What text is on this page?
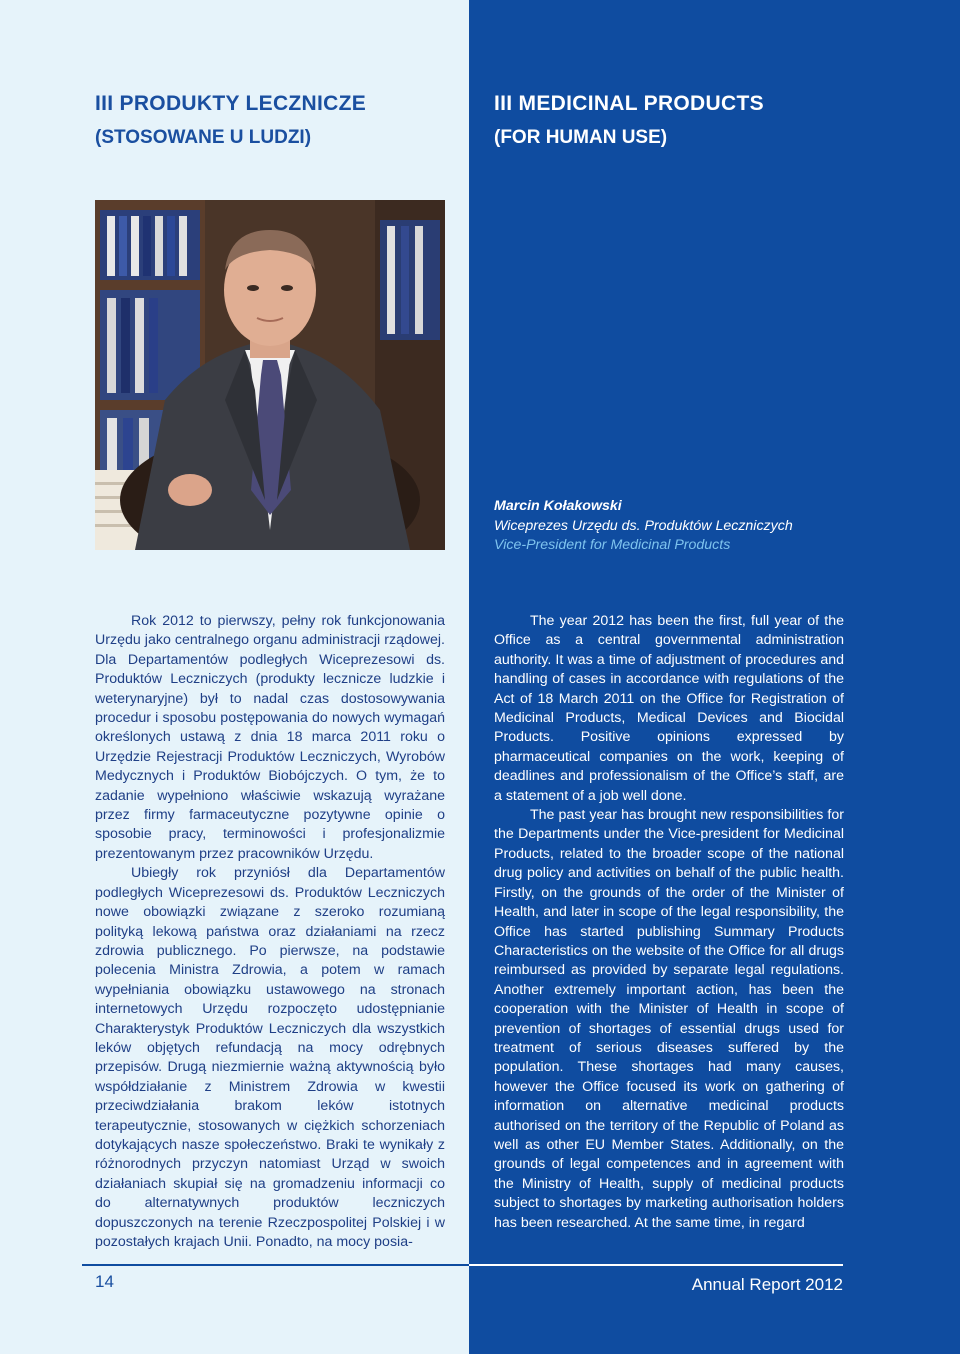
III PRODUKTY LECZNICZE
(STOSOWANE U LUDZI)

Rok 2012 to pierwszy, pełny rok funkcjonowania Urzędu jako centralnego organu administracji rządowej. Dla Departamentów podległych Wiceprezesowi ds. Produktów Leczniczych (produkty lecznicze ludzkie i weterynaryjne) był to nadal czas dostosowywania procedur i sposobu postępowania do nowych wymagań określonych ustawą z dnia 18 marca 2011 roku o Urzędzie Rejestracji Produktów Leczniczych, Wyrobów Medycznych i Produktów Biobójczych. O tym, że to zadanie wypełniono właściwie wskazują wyrażane przez firmy farmaceutyczne pozytywne opinie o sposobie pracy, terminowości i profesjonalizmie prezentowanym przez pracowników Urzędu.

Ubiegły rok przyniósł dla Departamentów podległych Wiceprezesowi ds. Produktów Leczniczych nowe obowiązki związane z szeroko rozumianą polityką lekową państwa oraz działaniami na rzecz zdrowia publicznego. Po pierwsze, na podstawie polecenia Ministra Zdrowia, a potem w ramach wypełniania obowiązku ustawowego na stronach internetowych Urzędu rozpoczęto udostępnianie Charakterystyk Produktów Leczniczych dla wszystkich leków objętych refundacją na mocy odrębnych przepisów. Drugą niezmiernie ważną aktywnością było współdziałanie z Ministrem Zdrowia w kwestii przeciwdziałania brakom leków istotnych terapeutycznie, stosowanych w ciężkich schorzeniach dotykających nasze społeczeństwo. Braki te wynikały z różnorodnych przyczyn natomiast Urząd w swoich działaniach skupiał się na gromadzeniu informacji co do alternatywnych produktów leczniczych dopuszczonych na terenie Rzeczpospolitej Polskiej i w pozostałych krajach Unii. Ponadto, na mocy posia-

14
III MEDICINAL PRODUCTS
(FOR HUMAN USE)
Marcin Kołakowski
Wiceprezes Urzędu ds. Produktów Leczniczych
Vice-President for Medicinal Products

The year 2012 has been the first, full year of the Office as a central governmental administration authority. It was a time of adjustment of procedures and handling of cases in accordance with regulations of the Act of 18 March 2011 on the Office for Registration of Medicinal Products, Medical Devices and Biocidal Products. Positive opinions expressed by pharmaceutical companies on the work, keeping of deadlines and professionalism of the Office’s staff, are a statement of a job well done.

The past year has brought new responsibilities for the Departments under the Vice-president for Medicinal Products, related to the broader scope of the national drug policy and activities on behalf of the public health. Firstly, on the grounds of the order of the Minister of Health, and later in scope of the legal responsibility, the Office has started publishing Summary Products Characteristics on the website of the Office for all drugs reimbursed as provided by separate legal regulations. Another extremely important action, has been the cooperation with the Minister of Health in scope of prevention of shortages of essential drugs used for treatment of serious diseases suffered by the population. These shortages had many causes, however the Office focused its work on gathering of information on alternative medicinal products authorised on the territory of the Republic of Poland as well as other EU Member States. Additionally, on the grounds of legal competences and in agreement with the Ministry of Health, supply of medicinal products subject to shortages by marketing authorisation holders has been researched. At the same time, in regard

Annual Report 2012
